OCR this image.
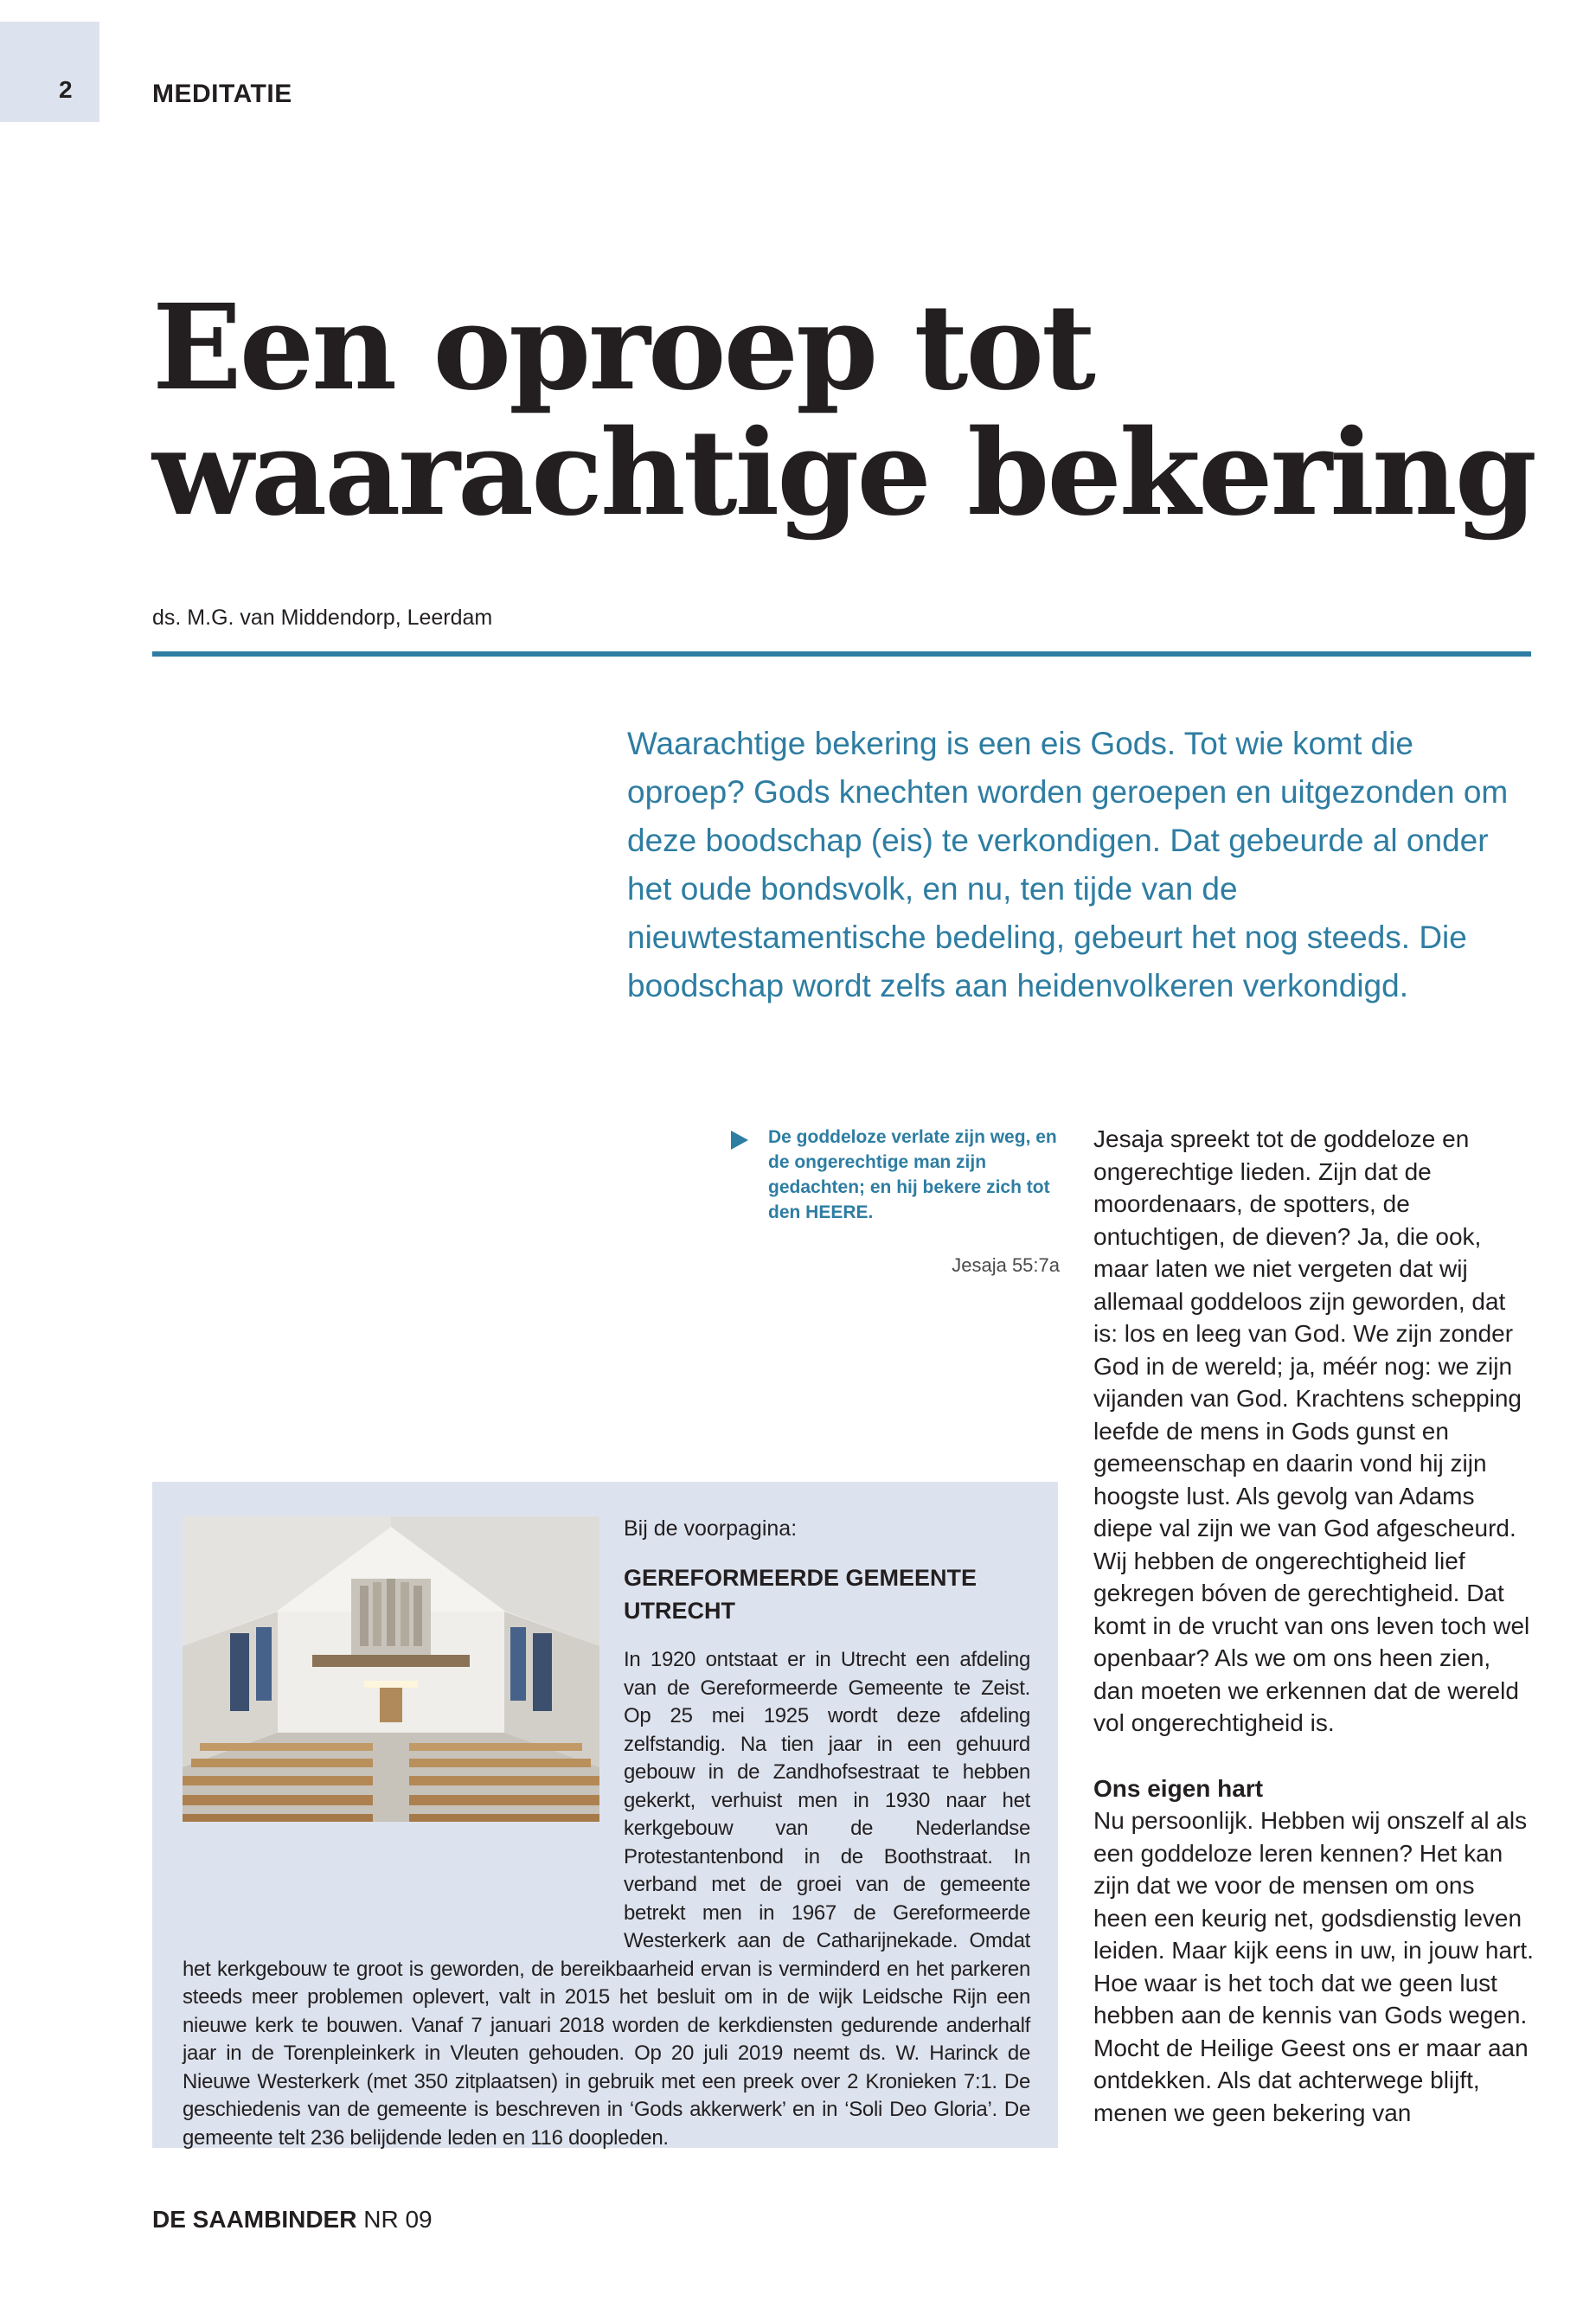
2	MEDITATIE
Een oproep tot waarachtige bekering
ds. M.G. van Middendorp, Leerdam

Waarachtige bekering is een eis Gods. Tot wie komt die oproep? Gods knechten worden geroepen en uitgezonden om deze boodschap (eis) te verkondigen. Dat gebeurde al onder het oude bondsvolk, en nu, ten tijde van de nieuwtestamentische bedeling, gebeurt het nog steeds. Die boodschap wordt zelfs aan heidenvolkeren verkondigd.

De goddeloze verlate zijn weg, en de ongerechtige man zijn gedachten; en hij bekere zich tot den HEERE.

Jesaja 55:7a

Jesaja spreekt tot de goddeloze en ongerechtige lieden. Zijn dat de moordenaars, de spotters, de ontuchtigen, de dieven? Ja, die ook, maar laten we niet vergeten dat wij allemaal goddeloos zijn geworden, dat is: los en leeg van God. We zijn zonder God in de wereld; ja, méér nog: we zijn vijanden van God. Krachtens schepping leefde de mens in Gods gunst en gemeenschap en daarin vond hij zijn hoogste lust. Als gevolg van Adams diepe val zijn we van God afgescheurd. Wij hebben de ongerechtigheid lief gekregen bóven de gerechtigheid. Dat komt in de vrucht van ons leven toch wel openbaar? Als we om ons heen zien, dan moeten we erkennen dat de wereld vol ongerechtigheid is.

Ons eigen hart

Nu persoonlijk. Hebben wij onszelf al als een goddeloze leren kennen? Het kan zijn dat we voor de mensen om ons heen een keurig net, godsdienstig leven leiden. Maar kijk eens in uw, in jouw hart. Hoe waar is het toch dat we geen lust hebben aan de kennis van Gods wegen. Mocht de Heilige Geest ons er maar aan ontdekken. Als dat achterwege blijft, menen we geen bekering van

Bij de voorpagina:
GEREFORMEERDE GEMEENTE UTRECHT
In 1920 ontstaat er in Utrecht een afdeling van de Gereformeerde Gemeente te Zeist. Op 25 mei 1925 wordt deze afdeling zelfstandig. Na tien jaar in een gehuurd gebouw in de Zandhofsestraat te hebben gekerkt, verhuist men in 1930 naar het kerkgebouw van de Nederlandse Protestantenbond in de Boothstraat. In verband met de groei van de gemeente betrekt men in 1967 de Gereformeerde Westerkerk aan de Catharijnekade. Omdat het kerkgebouw te groot is geworden, de bereikbaarheid ervan is verminderd en het parkeren steeds meer problemen oplevert, valt in 2015 het besluit om in de wijk Leidsche Rijn een nieuwe kerk te bouwen. Vanaf 7 januari 2018 worden de kerkdiensten gedurende anderhalf jaar in de Torenpleinkerk in Vleuten gehouden. Op 20 juli 2019 neemt ds. W. Harinck de Nieuwe Westerkerk (met 350 zitplaatsen) in gebruik met een preek over 2 Kronieken 7:1. De geschiedenis van de gemeente is beschreven in ‘Gods akkerwerk’ en in ‘Soli Deo Gloria’. De gemeente telt 236 belijdende leden en 116 doopleden.
DE SAAMBINDER NR 09
